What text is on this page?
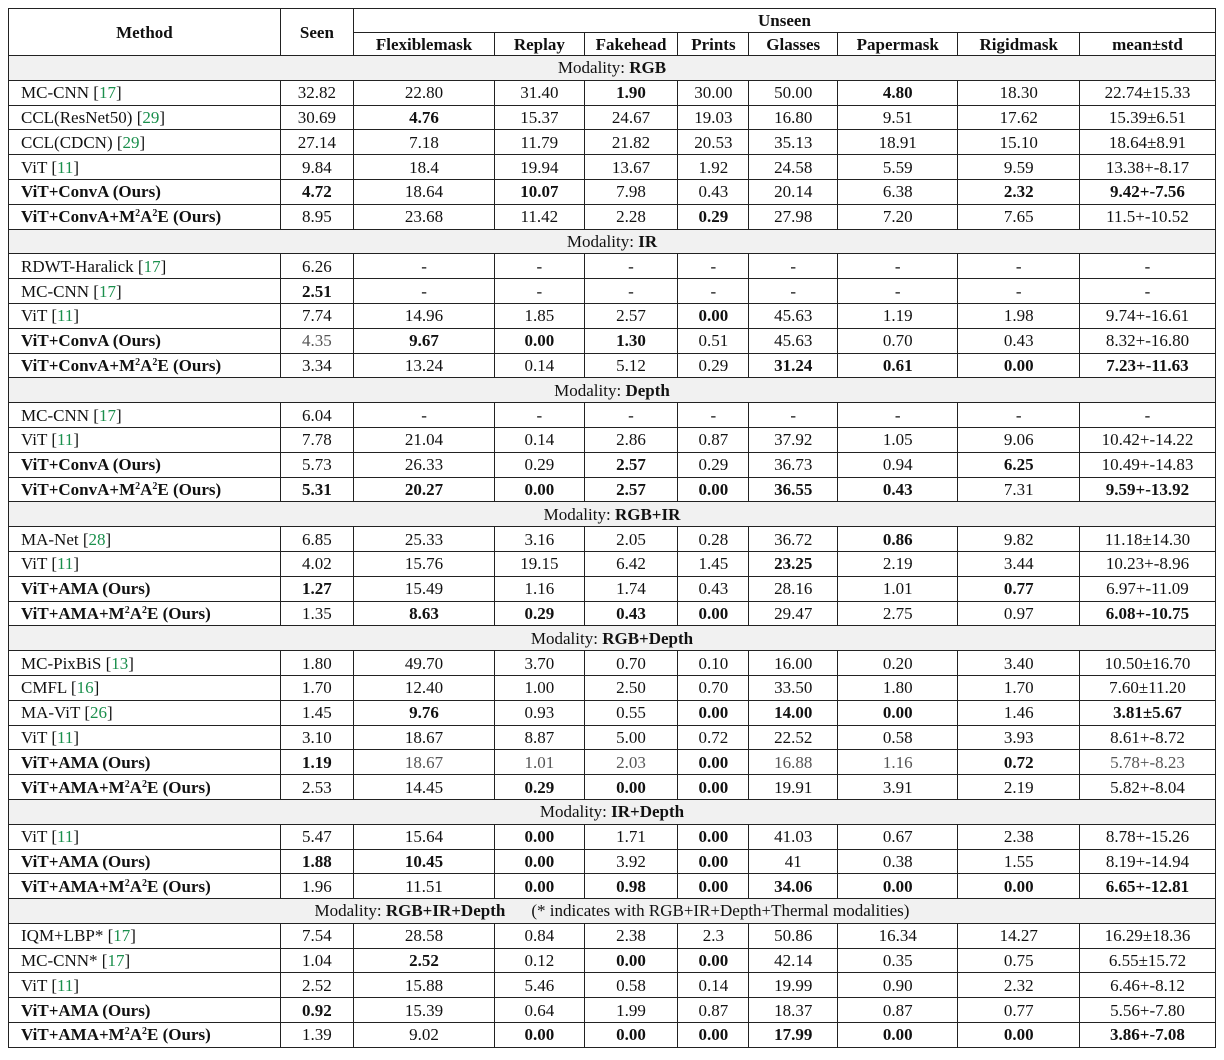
Method	Seen	Unseen							
		Flexiblemask	Replay	Fakehead	Prints	Glasses	Papermask	Rigidmask	mean±std
Modality: RGB									
MC-CNN [17]	32.82	22.80	31.40	1.90	30.00	50.00	4.80	18.30	22.74±15.33
CCL(ResNet50) [29]	30.69	4.76	15.37	24.67	19.03	16.80	9.51	17.62	15.39±6.51
CCL(CDCN) [29]	27.14	7.18	11.79	21.82	20.53	35.13	18.91	15.10	18.64±8.91
ViT [11]	9.84	18.4	19.94	13.67	1.92	24.58	5.59	9.59	13.38+-8.17
ViT+ConvA (Ours)	4.72	18.64	10.07	7.98	0.43	20.14	6.38	2.32	9.42+-7.56
$ViT+ConvA+M^2A^2E$ (Ours)	8.95	23.68	11.42	2.28	0.29	27.98	7.20	7.65	11.5+-10.52
Modality: IR									
RDWT-Haralick [17]	6.26	-	-	-	-	-	-	-	-
MC-CNN [17]	2.51	-	-	-	-	-	-	-	-
ViT [11]	7.74	14.96	1.85	2.57	0.00	45.63	1.19	1.98	9.74+-16.61
ViT+ConvA (Ours)	4.35	9.67	0.00	1.30	0.51	45.63	0.70	0.43	8.32+-16.80
$ViT+ConvA+M^2A^2E$ (Ours)	3.34	13.24	0.14	5.12	0.29	31.24	0.61	0.00	7.23+-11.63
Modality: Depth									
MC-CNN [17]	6.04	-	-	-	-	-	-	-	-
ViT [11]	7.78	21.04	0.14	2.86	0.87	37.92	1.05	9.06	10.42+-14.22
ViT+ConvA (Ours)	5.73	26.33	0.29	2.57	0.29	36.73	0.94	6.25	10.49+-14.83
$ViT+ConvA+M^2A^2E$ (Ours)	5.31	20.27	0.00	2.57	0.00	36.55	0.43	7.31	9.59+-13.92
Modality: RGB+IR									
MA-Net [28]	6.85	25.33	3.16	2.05	0.28	36.72	0.86	9.82	11.18±14.30
ViT [11]	4.02	15.76	19.15	6.42	1.45	23.25	2.19	3.44	10.23+-8.96
ViT+AMA (Ours)	1.27	15.49	1.16	1.74	0.43	28.16	1.01	0.77	6.97+-11.09
$ViT+AMA+M^2A^2E$ (Ours)	1.35	8.63	0.29	0.43	0.00	29.47	2.75	0.97	6.08+-10.75
Modality: RGB+Depth									
MC-PixBiS [13]	1.80	49.70	3.70	0.70	0.10	16.00	0.20	3.40	10.50±16.70
CMFL [16]	1.70	12.40	1.00	2.50	0.70	33.50	1.80	1.70	7.60±11.20
MA-ViT [26]	1.45	9.76	0.93	0.55	0.00	14.00	0.00	1.46	3.81±5.67
ViT [11]	3.10	18.67	8.87	5.00	0.72	22.52	0.58	3.93	8.61+-8.72
ViT+AMA (Ours)	1.19	18.67	1.01	2.03	0.00	16.88	1.16	0.72	5.78+-8.23
$ViT+AMA+M^2A^2E$ (Ours)	2.53	14.45	0.29	0.00	0.00	19.91	3.91	2.19	5.82+-8.04
Modality: IR+Depth									
ViT [11]	5.47	15.64	0.00	1.71	0.00	41.03	0.67	2.38	8.78+-15.26
ViT+AMA (Ours)	1.88	10.45	0.00	3.92	0.00	41	0.38	1.55	8.19+-14.94
$ViT+AMA+M^2A^2E$ (Ours)	1.96	11.51	0.00	0.98	0.00	34.06	0.00	0.00	6.65+-12.81
Modality: RGB+IR+Depth (* indicates with RGB+IR+Depth+Thermal modalities)									
IQM+LBP* [17]	7.54	28.58	0.84	2.38	2.3	50.86	16.34	14.27	16.29±18.36
MC-CNN* [17]	1.04	2.52	0.12	0.00	0.00	42.14	0.35	0.75	6.55±15.72
ViT [11]	2.52	15.88	5.46	0.58	0.14	19.99	0.90	2.32	6.46+-8.12
ViT+AMA (Ours)	0.92	15.39	0.64	1.99	0.87	18.37	0.87	0.77	5.56+-7.80
$ViT+AMA+M^2A^2E$ (Ours)	1.39	9.02	0.00	0.00	0.00	17.99	0.00	0.00	3.86+-7.08
